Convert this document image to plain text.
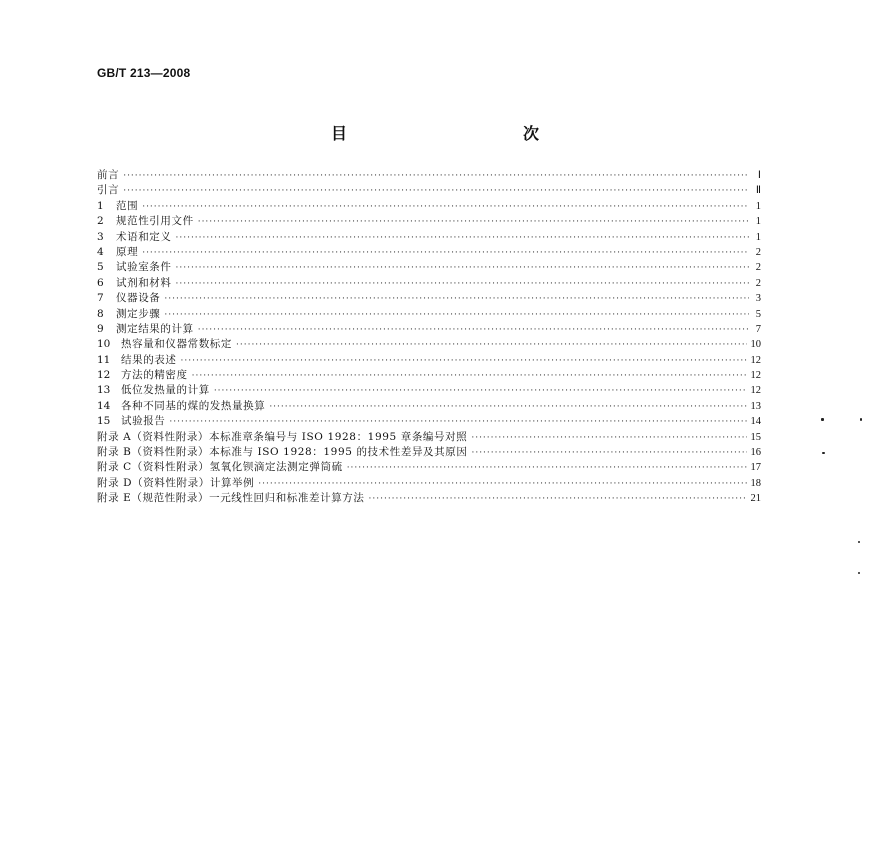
GB/T 213—2008
目　　次
前言 ·····	Ⅰ
引言 ·····	Ⅱ
1	范围 ·····	1
2	规范性引用文件 ·····	1
3	术语和定义 ·····	1
4	原理 ·····	2
5	试验室条件 ·····	2
6	试剂和材料 ·····	2
7	仪器设备 ·····	3
8	测定步骤 ·····	5
9	测定结果的计算 ·····	7
10	热容量和仪器常数标定 ·····	10
11	结果的表述 ·····	12
12	方法的精密度 ·····	12
13	低位发热量的计算 ·····	12
14	各种不同基的煤的发热量换算 ·····	13
15	试验报告 ·····	14
附录 A（资料性附录） 本标准章条编号与 ISO 1928：1995 章条编号对照 ·····	15
附录 B（资料性附录） 本标准与 ISO 1928：1995 的技术性差异及其原因 ·····	16
附录 C（资料性附录） 氢氧化钡滴定法测定弹筒硫 ·····	17
附录 D（资料性附录） 计算举例 ·····	18
附录 E（规范性附录） 一元线性回归和标准差计算方法 ·····	21
